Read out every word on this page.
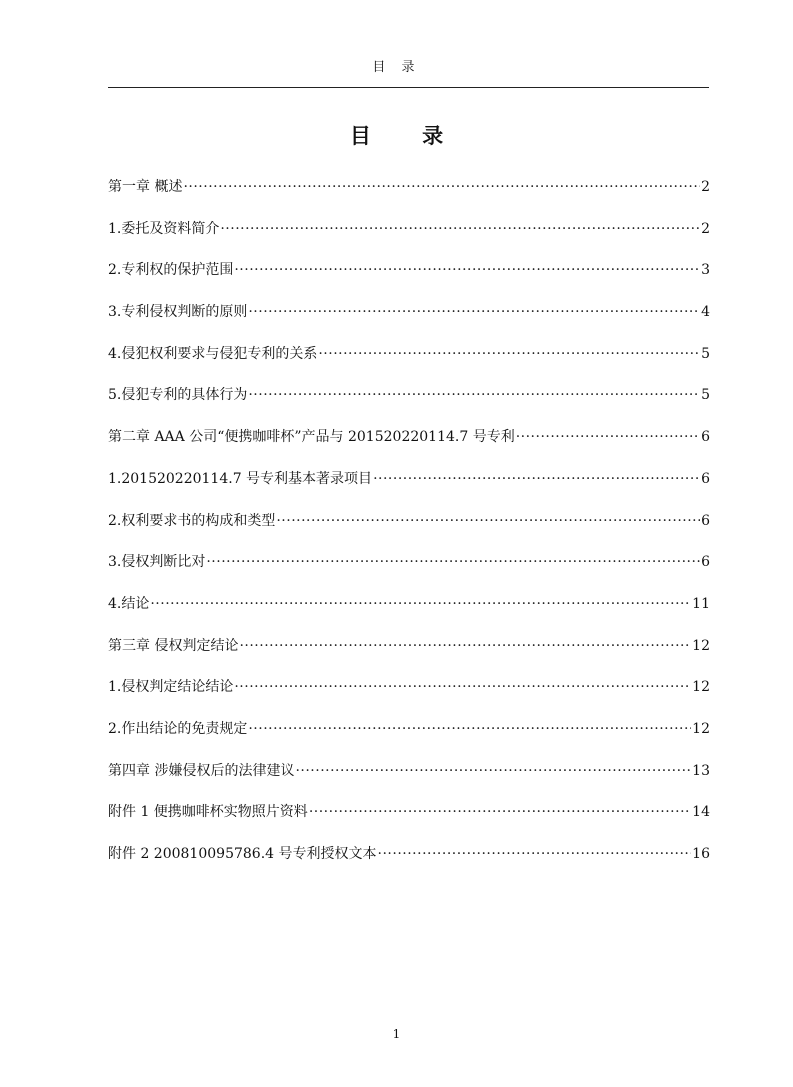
目 录
目 录
第一章 概述 ·····	2
1.委托及资料简介 ·····	2
2.专利权的保护范围 ·····	3
3.专利侵权判断的原则 ·····	4
4.侵犯权利要求与侵犯专利的关系 ·····	5
5.侵犯专利的具体行为 ·····	5
第二章 AAA 公司“便携咖啡杯”产品与 201520220114.7 号专利 ·····	6
1.201520220114.7 号专利基本著录项目 ·····	6
2.权利要求书的构成和类型 ·····	6
3.侵权判断比对 ·····	6
4.结论 ·····	11
第三章 侵权判定结论 ·····	12
1.侵权判定结论结论 ·····	12
2.作出结论的免责规定 ·····	12
第四章 涉嫌侵权后的法律建议 ·····	13
附件 1 便携咖啡杯实物照片资料 ·····	14
附件 2 200810095786.4 号专利授权文本 ·····	16
1
